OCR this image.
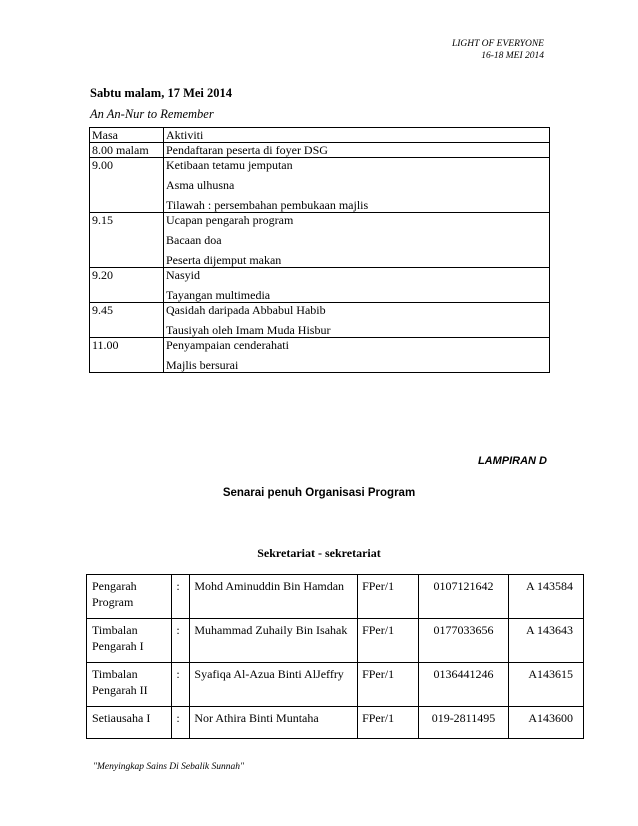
LIGHT OF EVERYONE
16-18 MEI 2014
Sabtu malam, 17 Mei 2014
An An-Nur to Remember
Masa	Aktiviti
8.00 malam	Pendaftaran peserta di foyer DSG

9.00	Ketibaan tetamu jemputan
Asma ulhusna
Tilawah : persembahan pembukaan majlis

9.15	Ucapan pengarah program
Bacaan doa
Peserta dijemput makan

9.20	Nasyid
Tayangan multimedia

9.45	Qasidah daripada Abbabul Habib
Tausiyah oleh Imam Muda Hisbur

11.00	Penyampaian cenderahati
Majlis bersurai
LAMPIRAN D
Senarai penuh Organisasi Program
Sekretariat - sekretariat
Pengarah Program	:	Mohd Aminuddin Bin Hamdan	FPer/1	0107121642	A 143584
Timbalan Pengarah I	:	Muhammad Zuhaily Bin Isahak	FPer/1	0177033656	A 143643
Timbalan Pengarah II	:	Syafiqa Al-Azua Binti AlJeffry	FPer/1	0136441246	A143615
Setiausaha I	:	Nor Athira Binti Muntaha	FPer/1	019-2811495	A143600
"Menyingkap Sains Di Sebalik Sunnah"
